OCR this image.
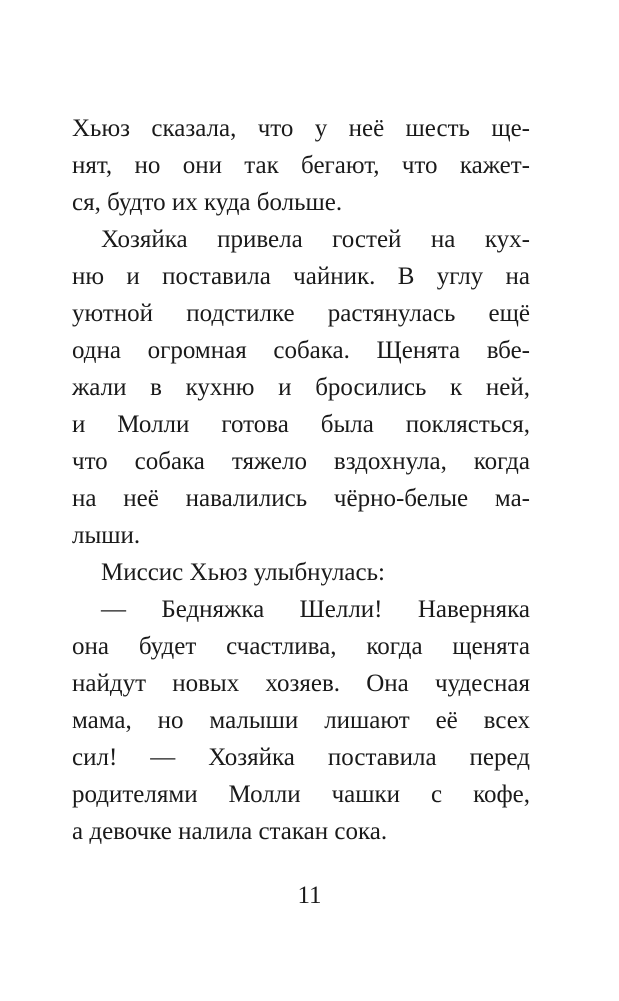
Хьюз сказала, что у неё шесть ще-
нят, но они так бегают, что кажет-
ся, будто их куда больше.
Хозяйка привела гостей на кух-
ню и поставила чайник. В углу на
уютной подстилке растянулась ещё
одна огромная собака. Щенята вбе-
жали в кухню и бросились к ней,
и Молли готова была поклясться,
что собака тяжело вздохнула, когда
на неё навалились чёрно-белые ма-
лыши.
Миссис Хьюз улыбнулась:
— Бедняжка Шелли! Наверняка
она будет счастлива, когда щенята
найдут новых хозяев. Она чудесная
мама, но малыши лишают её всех
сил! — Хозяйка поставила перед
родителями Молли чашки с кофе,
а девочке налила стакан сока.
11
